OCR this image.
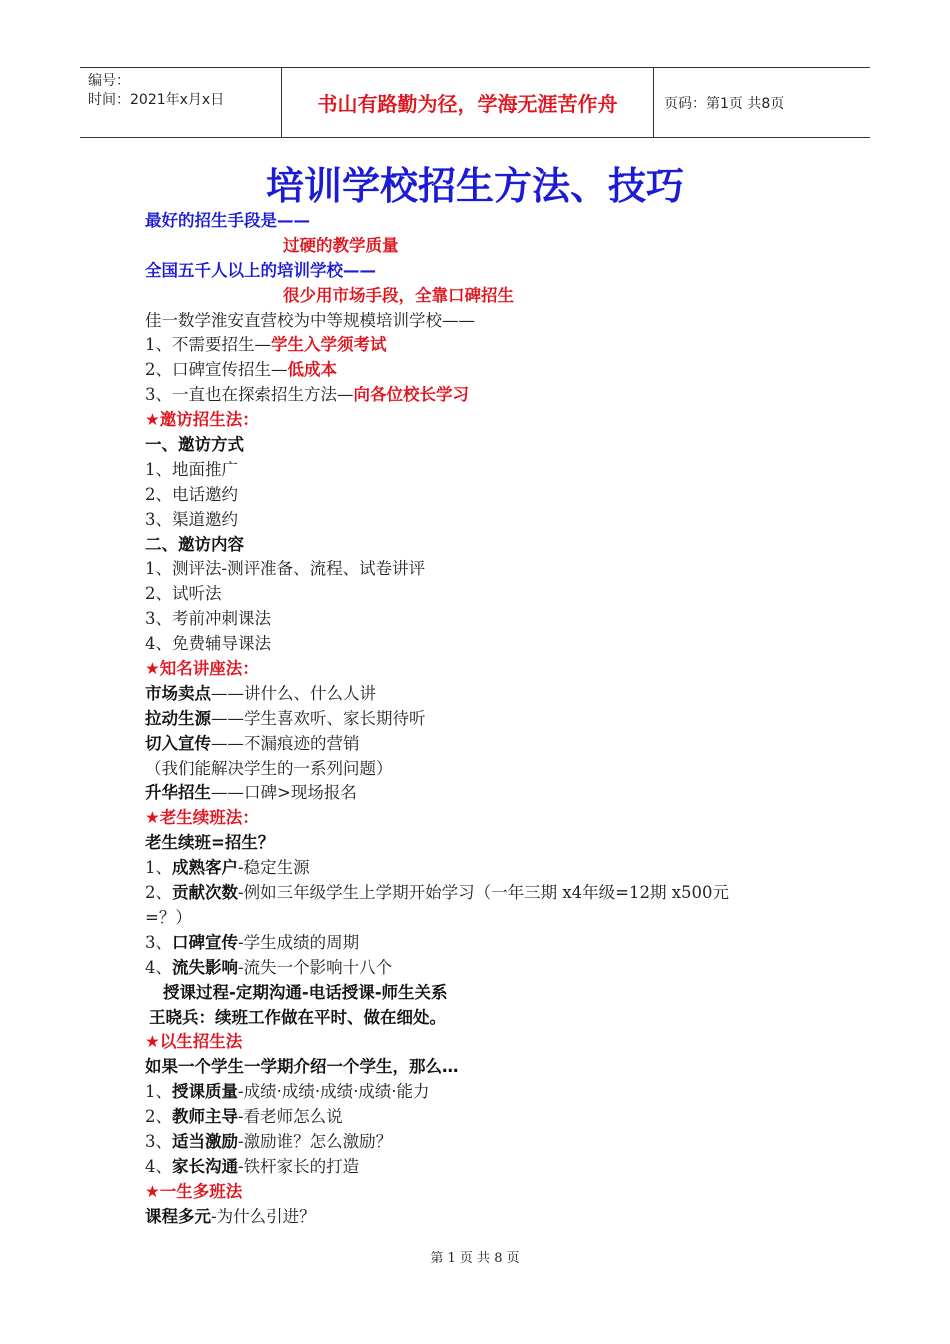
编号：
时间：2021年x月x日	书山有路勤为径，学海无涯苦作舟	页码：第1页 共8页
培训学校招生方法、技巧
最好的招生手段是——
过硬的教学质量
全国五千人以上的培训学校——
很少用市场手段，全靠口碑招生
佳一数学淮安直营校为中等规模培训学校——
1、不需要招生—学生入学须考试
2、口碑宣传招生—低成本
3、一直也在探索招生方法—向各位校长学习
★邀访招生法：
一、邀访方式
1、地面推广
2、电话邀约
3、渠道邀约
二、邀访内容
1、测评法-测评准备、流程、试卷讲评
2、试听法
3、考前冲刺课法
4、免费辅导课法
★知名讲座法：
市场卖点——讲什么、什么人讲
拉动生源——学生喜欢听、家长期待听
切入宣传——不漏痕迹的营销
（我们能解决学生的一系列问题）
升华招生——口碑>现场报名
★老生续班法：
老生续班=招生？
1、成熟客户-稳定生源
2、贡献次数-例如三年级学生上学期开始学习（一年三期 x4年级=12期 x500元
=？）
3、口碑宣传-学生成绩的周期
4、流失影响-流失一个影响十八个
授课过程-定期沟通-电话授课-师生关系
王晓兵：续班工作做在平时、做在细处。
★以生招生法
如果一个学生一学期介绍一个学生，那么…
1、授课质量-成绩·成绩·成绩·成绩·能力
2、教师主导-看老师怎么说
3、适当激励-激励谁？怎么激励？
4、家长沟通-铁杆家长的打造
★一生多班法
课程多元-为什么引进？
第 1 页 共 8 页
